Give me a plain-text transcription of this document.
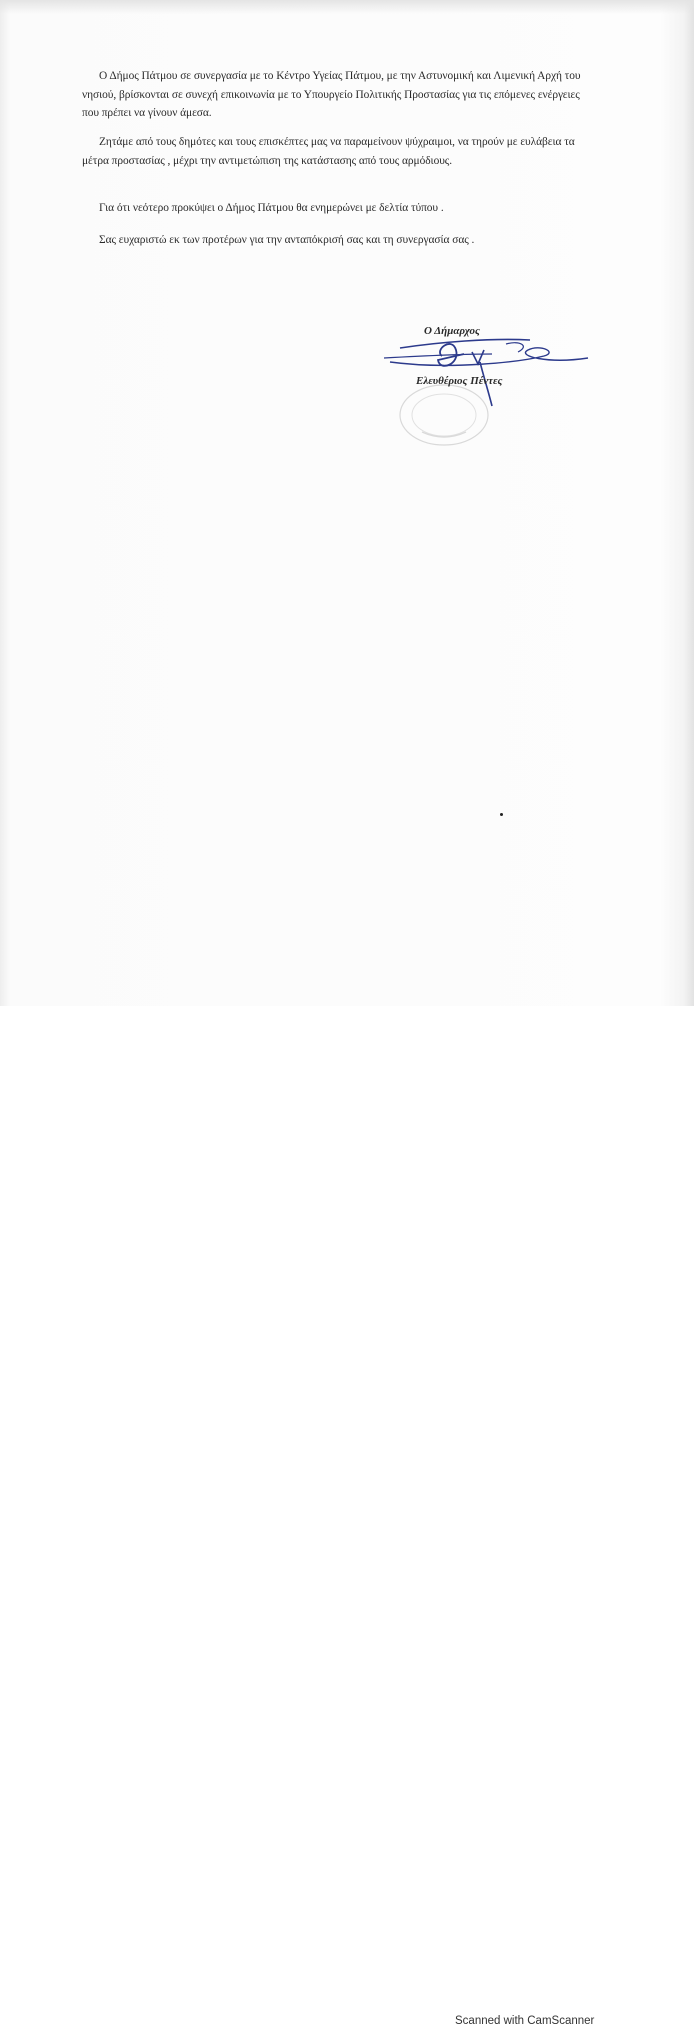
Ο Δήμος Πάτμου σε συνεργασία με το Κέντρο Υγείας Πάτμου, με την Αστυνομική και Λιμενική Αρχή του νησιού, βρίσκονται σε συνεχή επικοινωνία με το Υπουργείο Πολιτικής Προστασίας για τις επόμενες ενέργειες που πρέπει να γίνουν άμεσα.

Ζητάμε από τους δημότες και τους επισκέπτες μας να παραμείνουν ψύχραιμοι, να τηρούν με ευλάβεια τα μέτρα προστασίας , μέχρι την αντιμετώπιση της κατάστασης από τους αρμόδιους.

Για ότι νεότερο προκύψει ο Δήμος Πάτμου θα ενημερώνει με δελτία τύπου .

Σας ευχαριστώ εκ των προτέρων για την ανταπόκρισή σας και τη συνεργασία σας .

Ο Δήμαρχος
Ελευθέριος Πέντες
Scanned with CamScanner
